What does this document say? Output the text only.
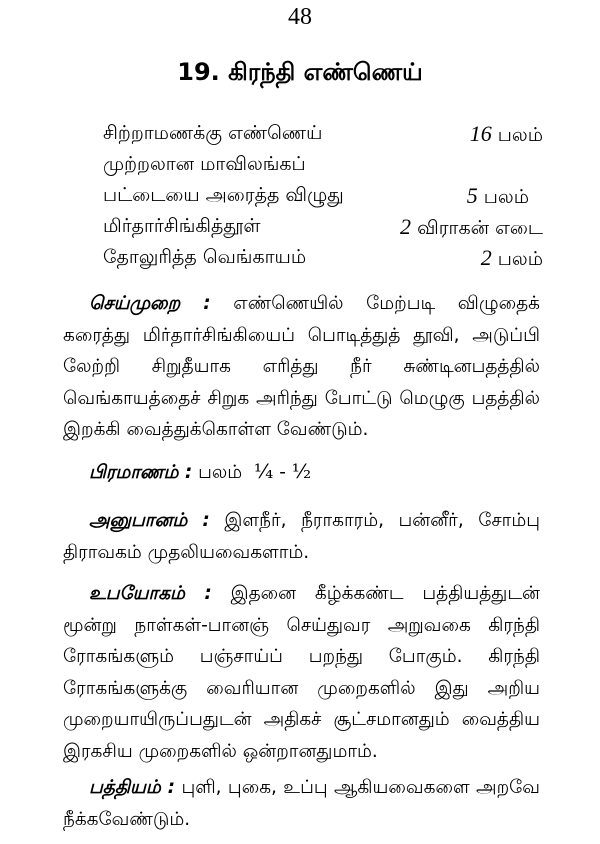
48
19. கிரந்தி எண்ணெய்
சிற்றாமணக்கு எண்ணெய்	16 பலம்
முற்றலான மாவிலங்கப்
பட்டையை அரைத்த விழுது	5 பலம்
மிர்தார்சிங்கித்தூள்	2 விராகன் எடை
தோலுரித்த வெங்காயம்	2 பலம்

செய்முறை : எண்ணெயில் மேற்படி விழுதைக் கரைத்து மிர்தார்சிங்கியைப் பொடித்துத் தூவி, அடுப்பி லேற்றி சிறுதீயாக எரித்து நீர் சுண்டினபதத்தில் வெங்காயத்தைச் சிறுக அரிந்து போட்டு மெழுகு பதத்தில் இறக்கி வைத்துக்கொள்ள வேண்டும்.

பிரமாணம் : பலம் ¼ - ½

அனுபானம் : இளநீர், நீராகாரம், பன்னீர், சோம்பு திராவகம் முதலியவைகளாம்.

உபயோகம் : இதனை கீழ்க்கண்ட பத்தியத்துடன் மூன்று நாள்கள்-பானஞ் செய்துவர அறுவகை கிரந்தி ரோகங்களும் பஞ்சாய்ப் பறந்து போகும். கிரந்தி ரோகங்களுக்கு வைரியான முறைகளில் இது அறிய முறையாயிருப்பதுடன் அதிகச் சூட்சமானதும் வைத்திய இரகசிய முறைகளில் ஒன்றானதுமாம்.

பத்தியம் : புளி, புகை, உப்பு ஆகியவைகளை அறவே நீக்கவேண்டும்.
